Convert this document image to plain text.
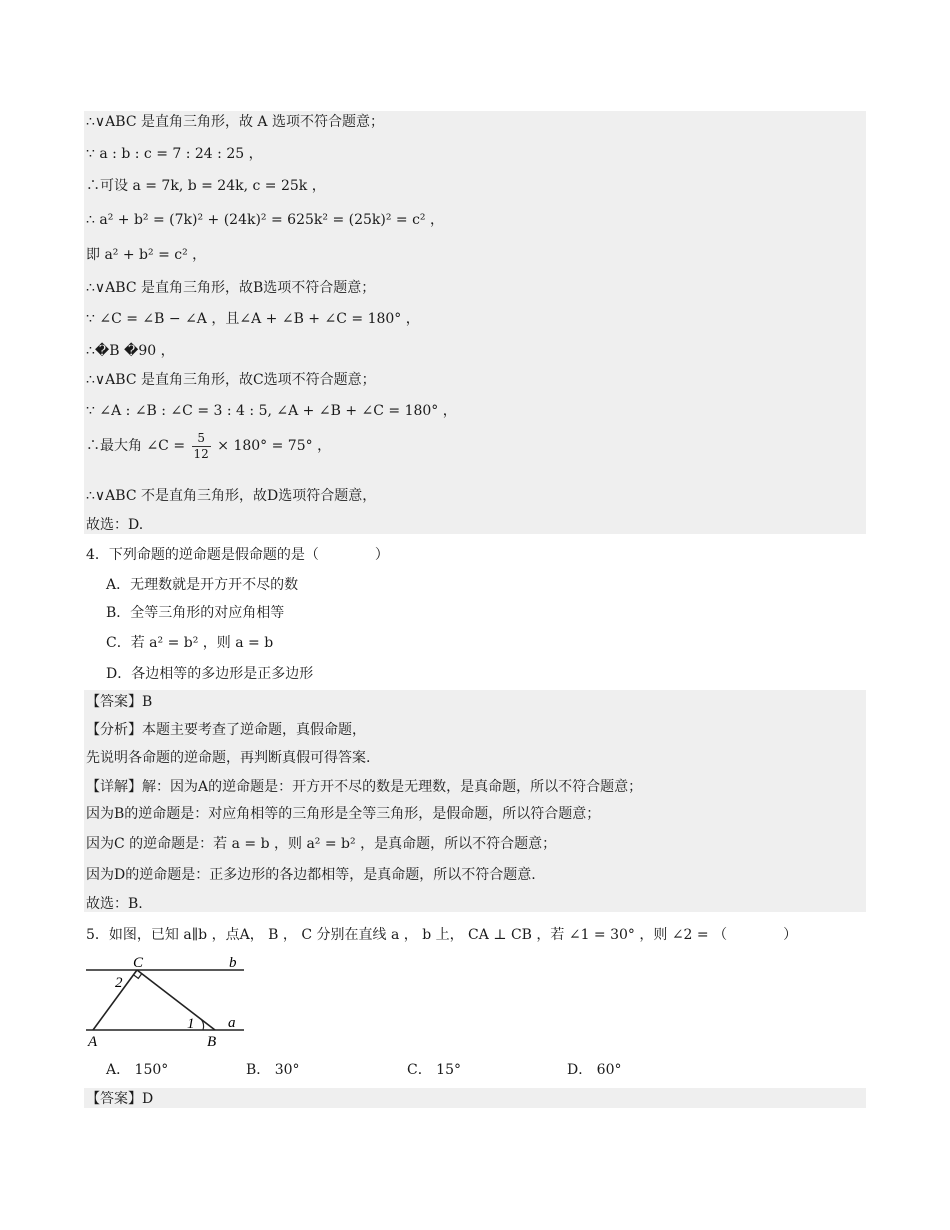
∴∨ABC 是直角三角形，故 A 选项不符合题意；
∵ a : b : c = 7 : 24 : 25 ，
∴可设 a = 7k, b = 24k, c = 25k ，
∴ a² + b² = (7k)² + (24k)² = 625k² = (25k)² = c² ，
即 a² + b² = c² ，
∴∨ABC 是直角三角形，故B选项不符合题意；
∵ ∠C = ∠B − ∠A ，且∠A + ∠B + ∠C = 180° ，
∴�B �90 ，
∴∨ABC 是直角三角形，故C选项不符合题意；
∵ ∠A : ∠B : ∠C = 3 : 4 : 5, ∠A + ∠B + ∠C = 180° ，
∴最大角 ∠C = $\frac{5}{12} \times 180^\circ = 75^\circ$ ，
∴∨ABC 不是直角三角形，故D选项符合题意，
故选：D.
4．下列命题的逆命题是假命题的是（　　　　）
A．无理数就是开方开不尽的数
B．全等三角形的对应角相等
C．若 a² = b² ，则 a = b
D．各边相等的多边形是正多边形
【答案】B
【分析】本题主要考查了逆命题，真假命题，
先说明各命题的逆命题，再判断真假可得答案.
【详解】解：因为A的逆命题是：开方开不尽的数是无理数，是真命题，所以不符合题意；
因为B的逆命题是：对应角相等的三角形是全等三角形，是假命题，所以符合题意；
因为C 的逆命题是：若 a = b ，则 a² = b² ，是真命题，所以不符合题意；
因为D的逆命题是：正多边形的各边都相等，是真命题，所以不符合题意.
故选：B.
5．如图，已知 a∥b ，点A， B ， C 分别在直线 a ， b 上， CA ⊥ CB ，若 ∠1 = 30° ，则 ∠2 = （　　　　）
C	b
2
1 a
A	B
A． 150°	B． 30°	C． 15°	D． 60°
【答案】D
